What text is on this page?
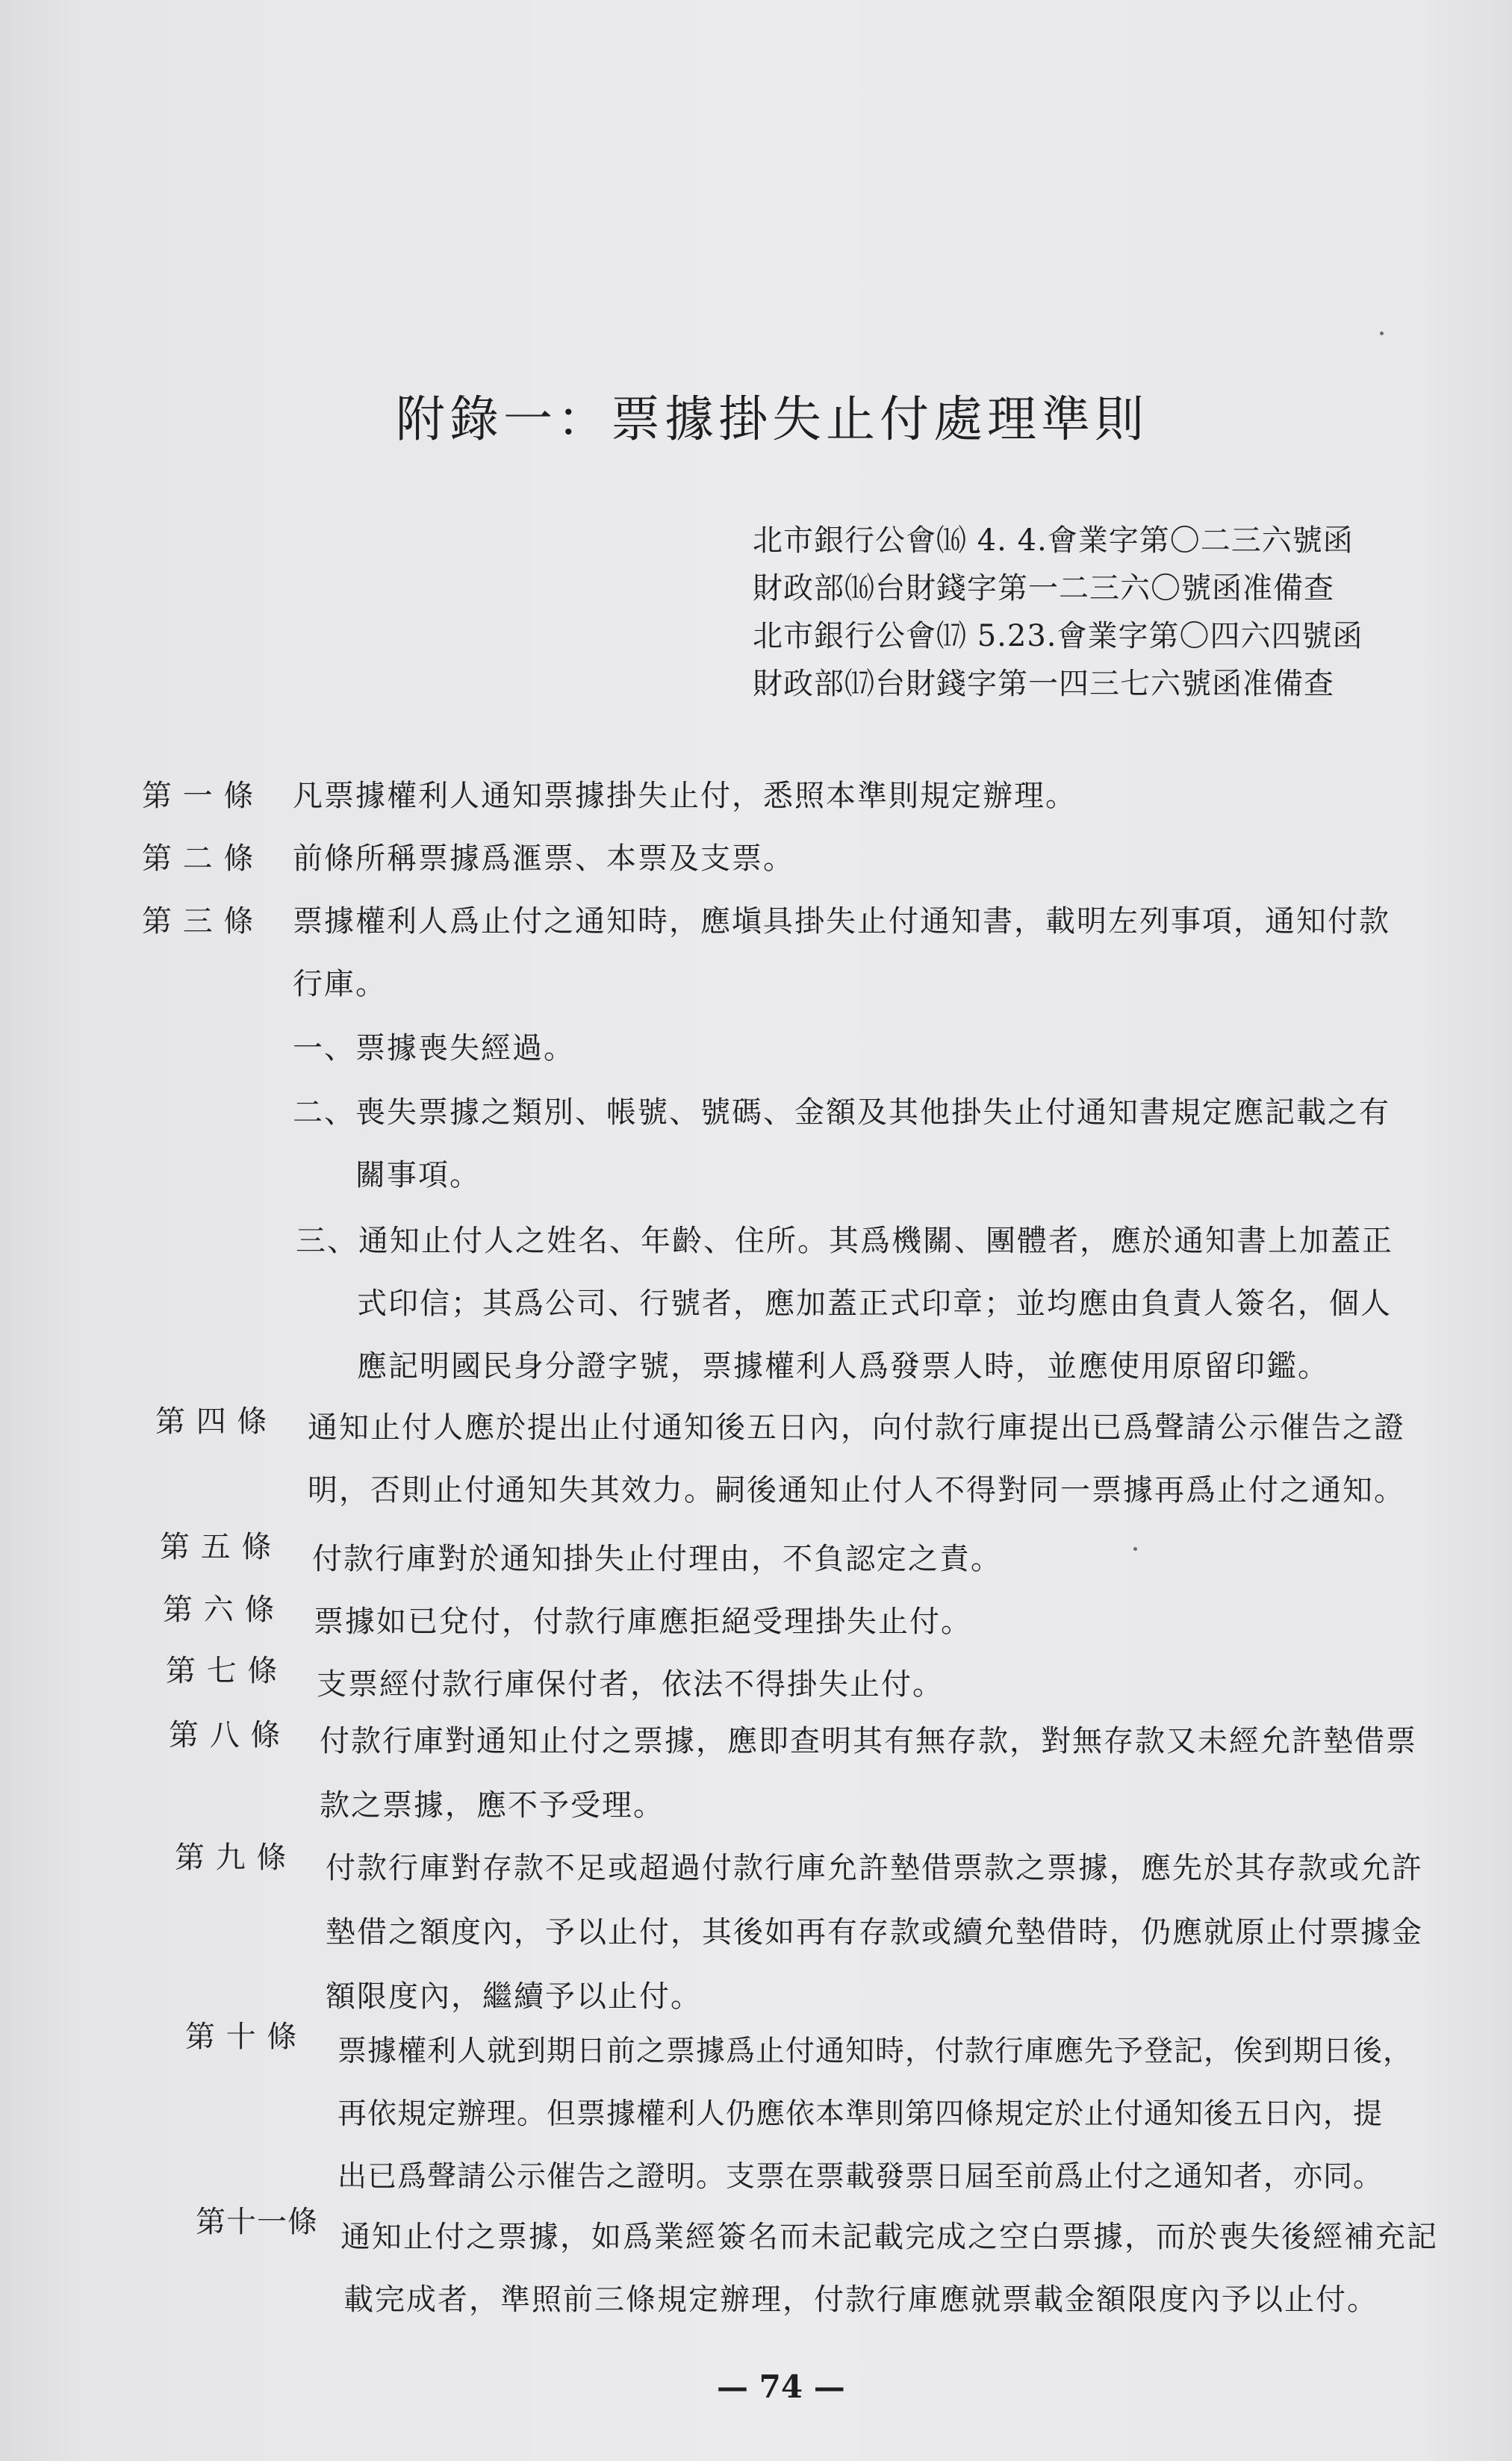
附錄一：票據掛失止付處理準則
北市銀行公會⒃ 4. 4.會業字第〇二三六號函
財政部⒃台財錢字第一二三六〇號函准備查
北市銀行公會⒄ 5.23.會業字第〇四六四號函
財政部⒄台財錢字第一四三七六號函准備查
第 一 條 凡票據權利人通知票據掛失止付，悉照本準則規定辦理。
第 二 條 前條所稱票據爲滙票、本票及支票。
第 三 條 票據權利人爲止付之通知時，應塡具掛失止付通知書，載明左列事項，通知付款
行庫。
一、票據喪失經過。
二、喪失票據之類別、帳號、號碼、金額及其他掛失止付通知書規定應記載之有
關事項。
三、通知止付人之姓名、年齡、住所。其爲機關、團體者，應於通知書上加蓋正
式印信；其爲公司、行號者，應加蓋正式印章；並均應由負責人簽名，個人
應記明國民身分證字號，票據權利人爲發票人時，並應使用原留印鑑。
第 四 條 通知止付人應於提出止付通知後五日內，向付款行庫提出已爲聲請公示催告之證
明，否則止付通知失其效力。嗣後通知止付人不得對同一票據再爲止付之通知。
第 五 條 付款行庫對於通知掛失止付理由，不負認定之責。
第 六 條 票據如已兌付，付款行庫應拒絕受理掛失止付。
第 七 條 支票經付款行庫保付者，依法不得掛失止付。
第 八 條 付款行庫對通知止付之票據，應即查明其有無存款，對無存款又未經允許墊借票
款之票據，應不予受理。
第 九 條 付款行庫對存款不足或超過付款行庫允許墊借票款之票據，應先於其存款或允許
墊借之額度內，予以止付，其後如再有存款或續允墊借時，仍應就原止付票據金
額限度內，繼續予以止付。
第 十 條 票據權利人就到期日前之票據爲止付通知時，付款行庫應先予登記，俟到期日後，
再依規定辦理。但票據權利人仍應依本準則第四條規定於止付通知後五日內，提
出已爲聲請公示催告之證明。支票在票載發票日屆至前爲止付之通知者，亦同。
第十一條 通知止付之票據，如爲業經簽名而未記載完成之空白票據，而於喪失後經補充記
載完成者，準照前三條規定辦理，付款行庫應就票載金額限度內予以止付。
— 74 —
